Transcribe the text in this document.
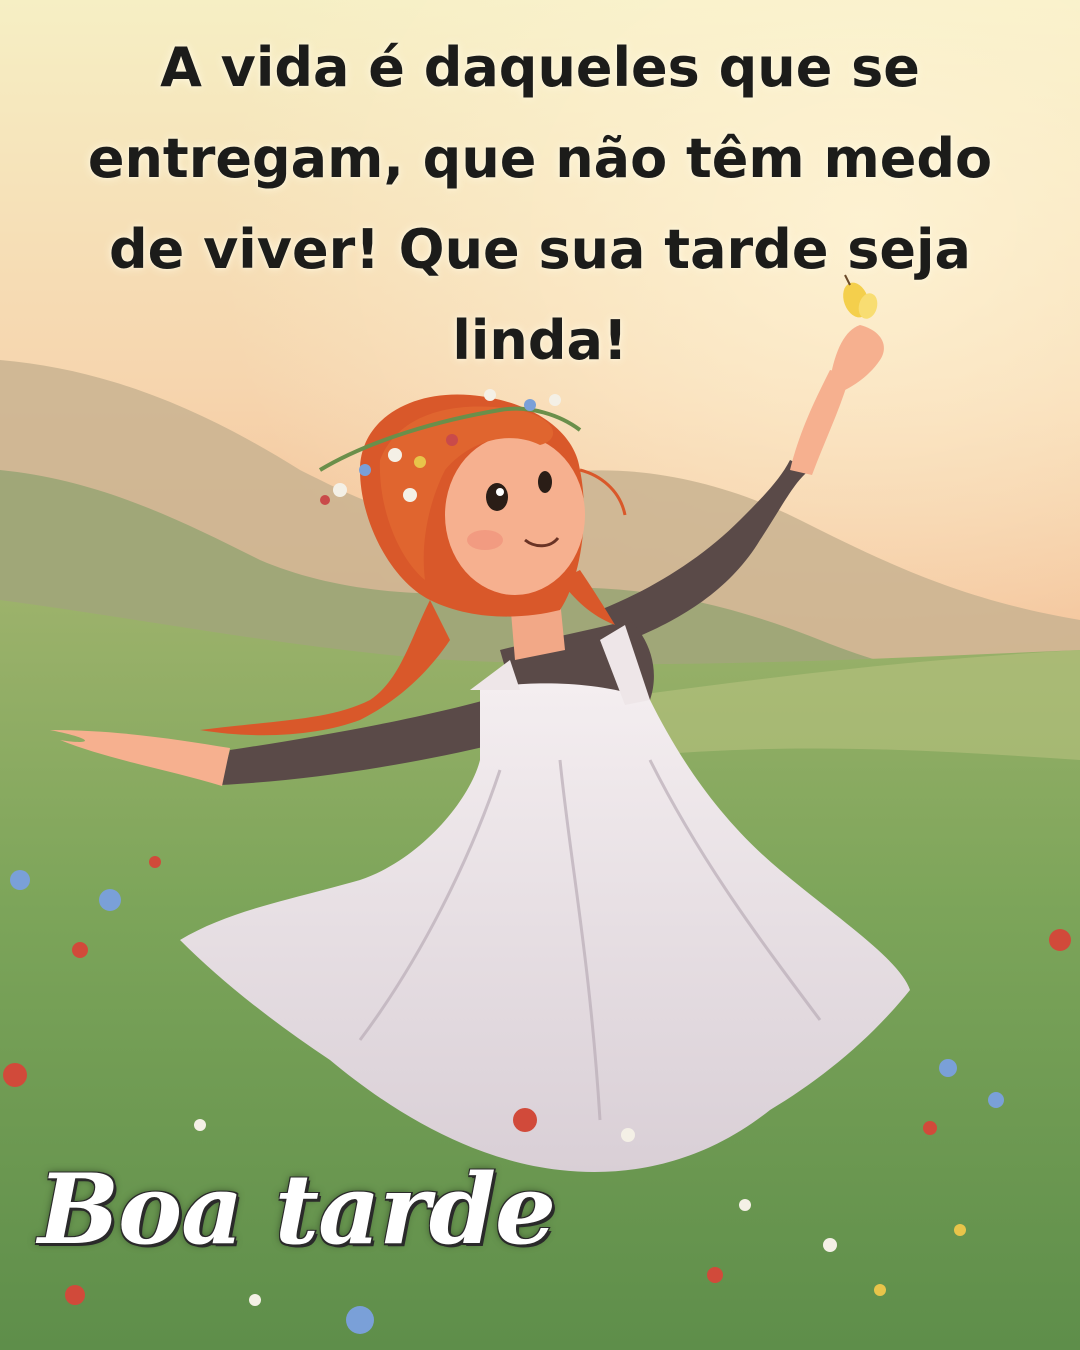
A vida é daqueles que se entregam, que não têm medo de viver! Que sua tarde seja linda!

Boa tarde
